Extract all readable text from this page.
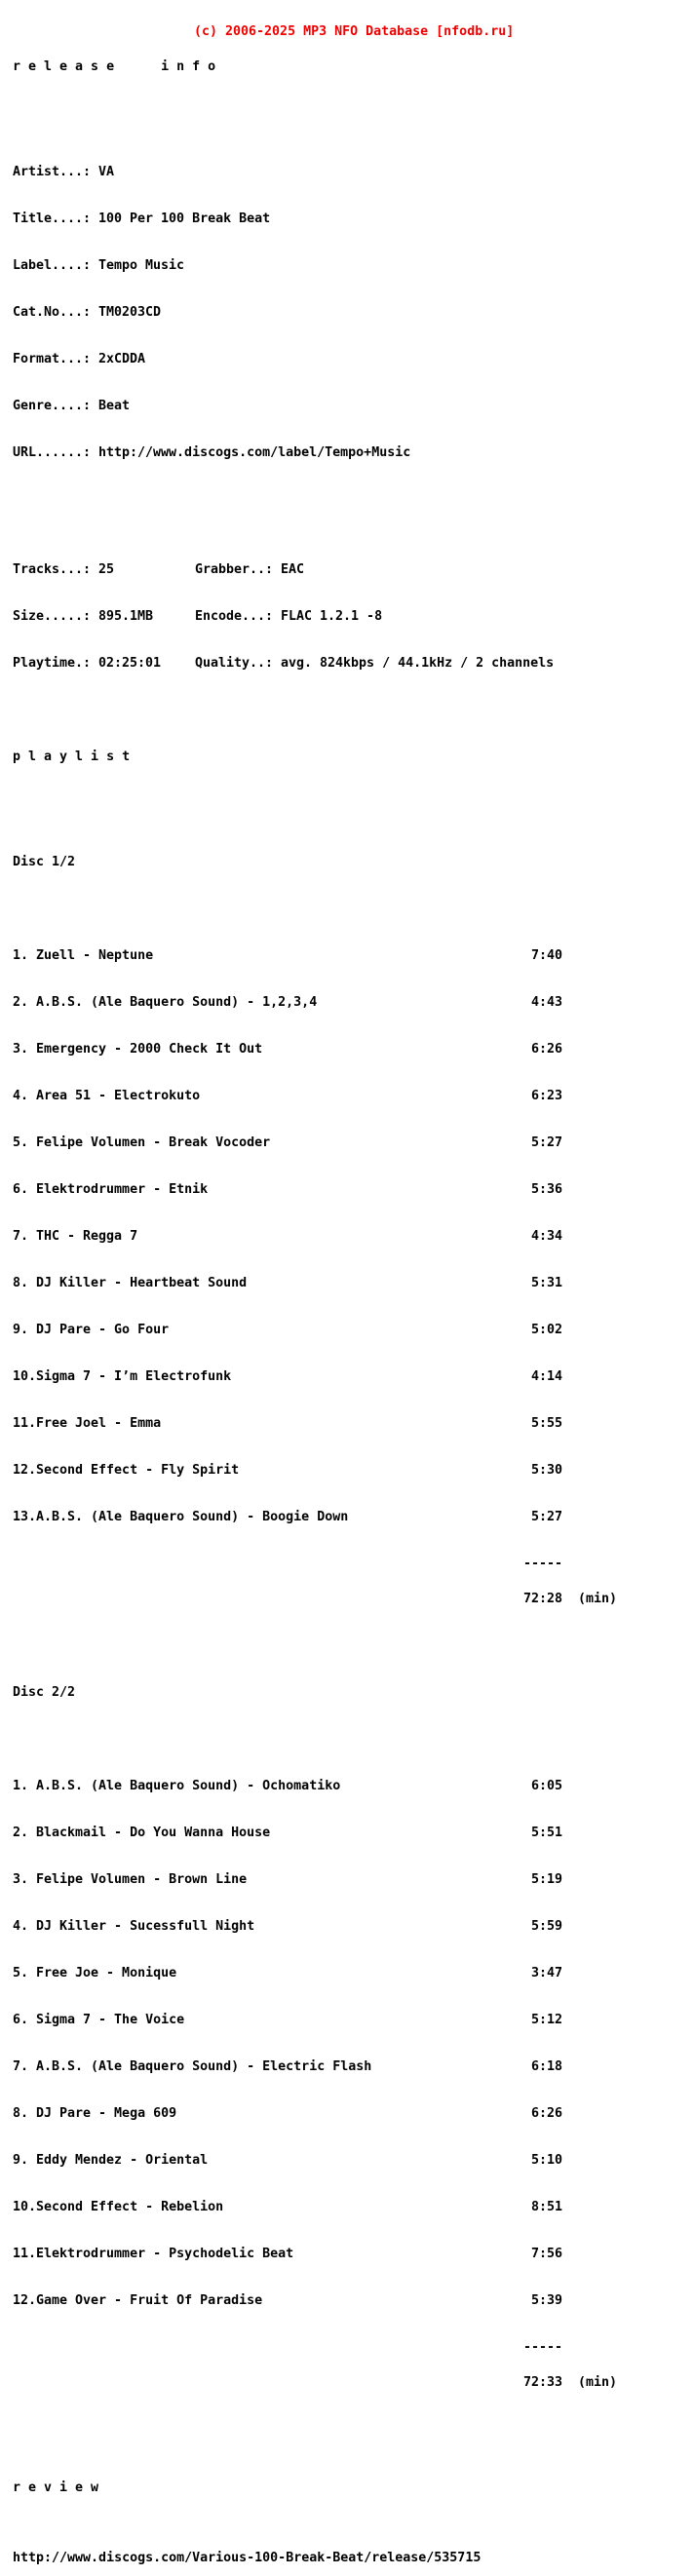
(c) 2006-2025 MP3 NFO Database [nfodb.ru]

r e l e a s e      i n f o

Artist...: VA

Title....: 100 Per 100 Break Beat

Label....: Tempo Music

Cat.No...: TM0203CD

Format...: 2xCDDA

Genre....: Beat

URL......: http://www.discogs.com/label/Tempo+Music

Tracks...: 25	Grabber..: EAC

Size.....: 895.1MB	Encode...: FLAC 1.2.1 -8

Playtime.: 02:25:01	Quality..: avg. 824kbps / 44.1kHz / 2 channels

p l a y l i s t

Disc 1/2

1. Zuell - Neptune	7:40

2. A.B.S. (Ale Baquero Sound) - 1,2,3,4	4:43

3. Emergency - 2000 Check It Out	6:26

4. Area 51 - Electrokuto	6:23

5. Felipe Volumen - Break Vocoder	5:27

6. Elektrodrummer - Etnik	5:36

7. THC - Regga 7	4:34

8. DJ Killer - Heartbeat Sound	5:31

9. DJ Pare - Go Four	5:02

10. Sigma 7 - I’m Electrofunk	4:14

11. Free Joel - Emma	5:55

12. Second Effect - Fly Spirit	5:30

13. A.B.S. (Ale Baquero Sound) - Boogie Down	5:27

-----

72:28 (min)

Disc 2/2

1. A.B.S. (Ale Baquero Sound) - Ochomatiko	6:05

2. Blackmail - Do You Wanna House	5:51

3. Felipe Volumen - Brown Line	5:19

4. DJ Killer - Sucessfull Night	5:59

5. Free Joe - Monique	3:47

6. Sigma 7 - The Voice	5:12

7. A.B.S. (Ale Baquero Sound) - Electric Flash	6:18

8. DJ Pare - Mega 609	6:26

9. Eddy Mendez - Oriental	5:10

10. Second Effect - Rebelion	8:51

11. Elektrodrummer - Psychodelic Beat	7:56

12. Game Over - Fruit Of Paradise	5:39

-----

72:33 (min)

r e v i e w

http://www.discogs.com/Various-100-Break-Beat/release/535715
